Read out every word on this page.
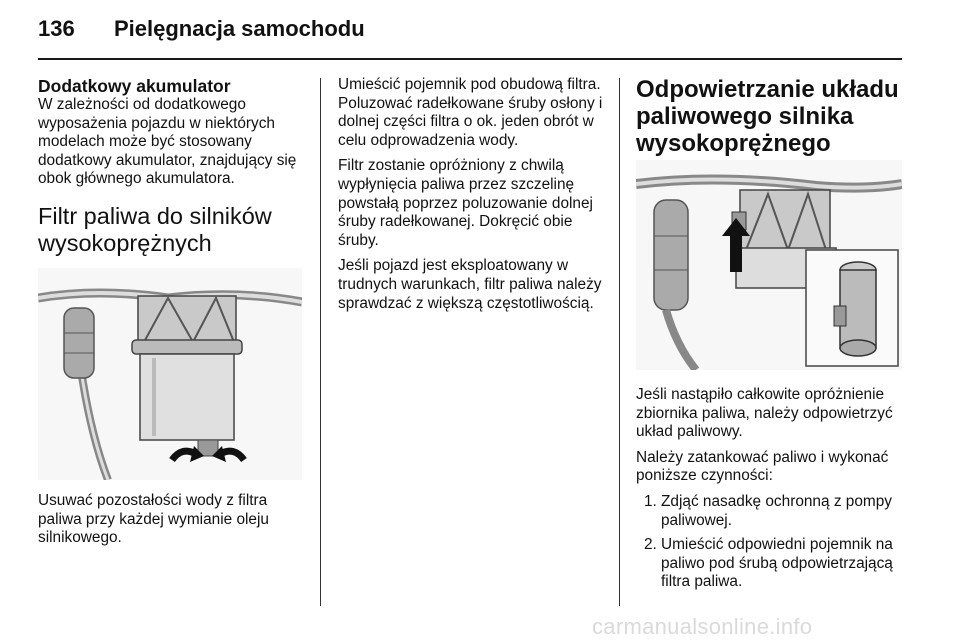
136 Pielęgnacja samochodu
Dodatkowy akumulator

W zależności od dodatkowego wyposażenia pojazdu w niektórych modelach może być stosowany dodatkowy akumulator, znajdujący się obok głównego akumulatora.

Filtr paliwa do silników wysokoprężnych

Usuwać pozostałości wody z filtra paliwa przy każdej wymianie oleju silnikowego.

Umieścić pojemnik pod obudową filtra. Poluzować radełkowane śruby osłony i dolnej części filtra o ok. jeden obrót w celu odprowadzenia wody.

Filtr zostanie opróżniony z chwilą wypłynięcia paliwa przez szczelinę powstałą poprzez poluzowanie dolnej śruby radełkowanej. Dokręcić obie śruby.

Jeśli pojazd jest eksploatowany w trudnych warunkach, filtr paliwa należy sprawdzać z większą częstotliwością.

Odpowietrzanie układu paliwowego silnika wysokoprężnego

Jeśli nastąpiło całkowite opróżnienie zbiornika paliwa, należy odpowietrzyć układ paliwowy.

Należy zatankować paliwo i wykonać poniższe czynności:

1. Zdjąć nasadkę ochronną z pompy paliwowej.
2. Umieścić odpowiedni pojemnik na paliwo pod śrubą odpowietrzającą filtra paliwa.
carmanualsonline.info
